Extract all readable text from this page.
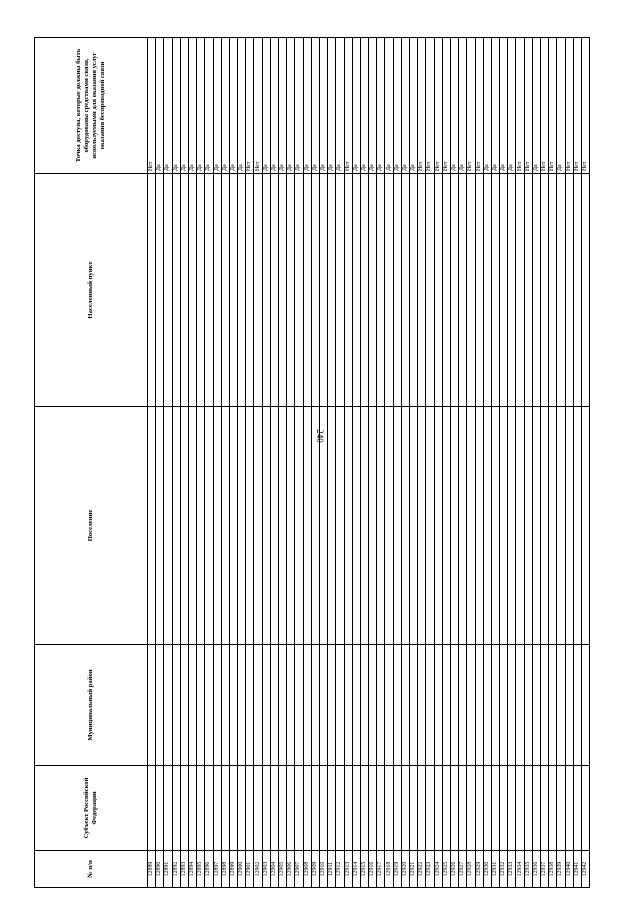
240
№ п/п	Субъект Российской Федерации	Муниципальный район	Поселение	Населенный пункт	Точка доступа, которые должны быть оборудованы средствами связи, используемыми для оказания услуг оказания беспроводной связи
12889					Нет
12890					Да
12891					Да
12892					Да
12893					Да
12894					Да
12895					Да
12896					Да
12897					Да
12898					Да
12899					Да
12900					Да
12901					Нет
12902					Нет
12903					Да
12904					Да
12905					Да
12906					Да
12907					Да
12908					Да
12909					Да
12910					Да
12911					Да
12912					Да
12913					Нет
12914					Да
12915					Да
12916					Да
12917					Да
12918					Да
12919					Да
12920					Да
12921					Да
12922					Нет
12923					Нет
12924					Нет
12925					Нет
12926					Да
12927					Да
12928					Нет
12929					Нет
12930					Да
12931					Да
12932					Да
12933					Да
12934					Нет
12935					Нет
12936					Да
12937					Нет
12938					Нет
12939					Да
12940					Нет
12941					Нет
12942					Нет
